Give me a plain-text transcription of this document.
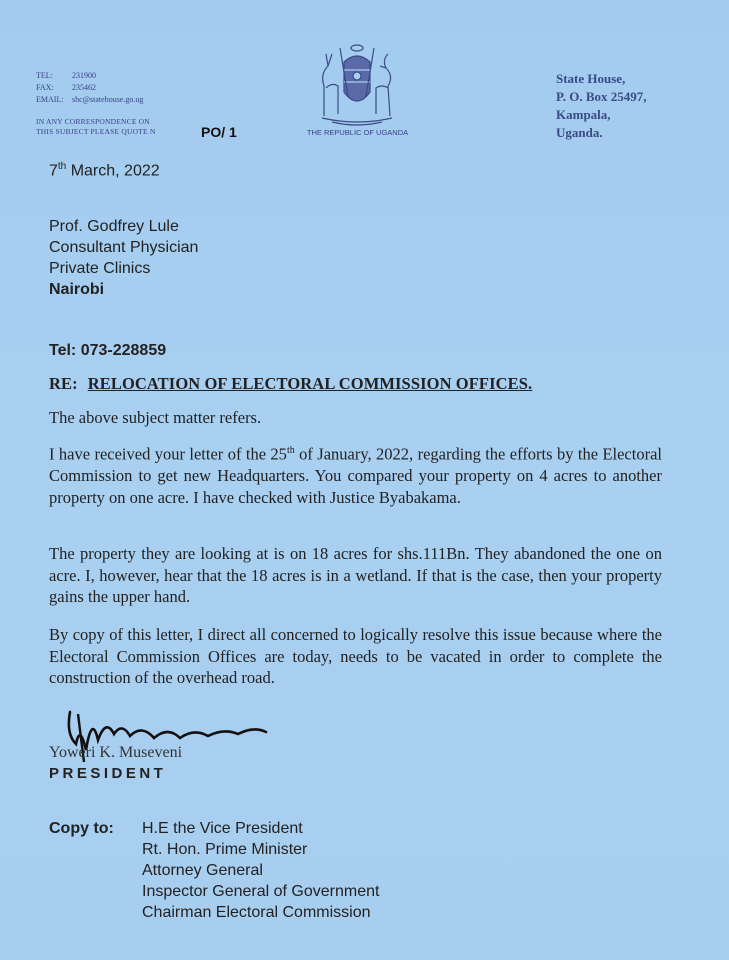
TEL:	231900
FAX:	235462
EMAIL:	shc@statehouse.go.ug
IN ANY CORRESPONDENCE ON
THIS SUBJECT PLEASE QUOTE N	PO/ 1	THE REPUBLIC OF UGANDA
State House,
P. O. Box 25497,
Kampala,
Uganda.
7th March, 2022
Prof. Godfrey Lule
Consultant Physician
Private Clinics
Nairobi
Tel: 073-228859
RE: RELOCATION OF ELECTORAL COMMISSION OFFICES.
The above subject matter refers.
I have received your letter of the 25th of January, 2022, regarding the efforts by the Electoral Commission to get new Headquarters. You compared your property on 4 acres to another property on one acre. I have checked with Justice Byabakama.
The property they are looking at is on 18 acres for shs.111Bn. They abandoned the one on acre. I, however, hear that the 18 acres is in a wetland. If that is the case, then your property gains the upper hand.
By copy of this letter, I direct all concerned to logically resolve this issue because where the Electoral Commission Offices are today, needs to be vacated in order to complete the construction of the overhead road.
Yoweri K. Museveni
PRESIDENT
Copy to:	H.E the Vice President
Rt. Hon. Prime Minister
Attorney General
Inspector General of Government
Chairman Electoral Commission
